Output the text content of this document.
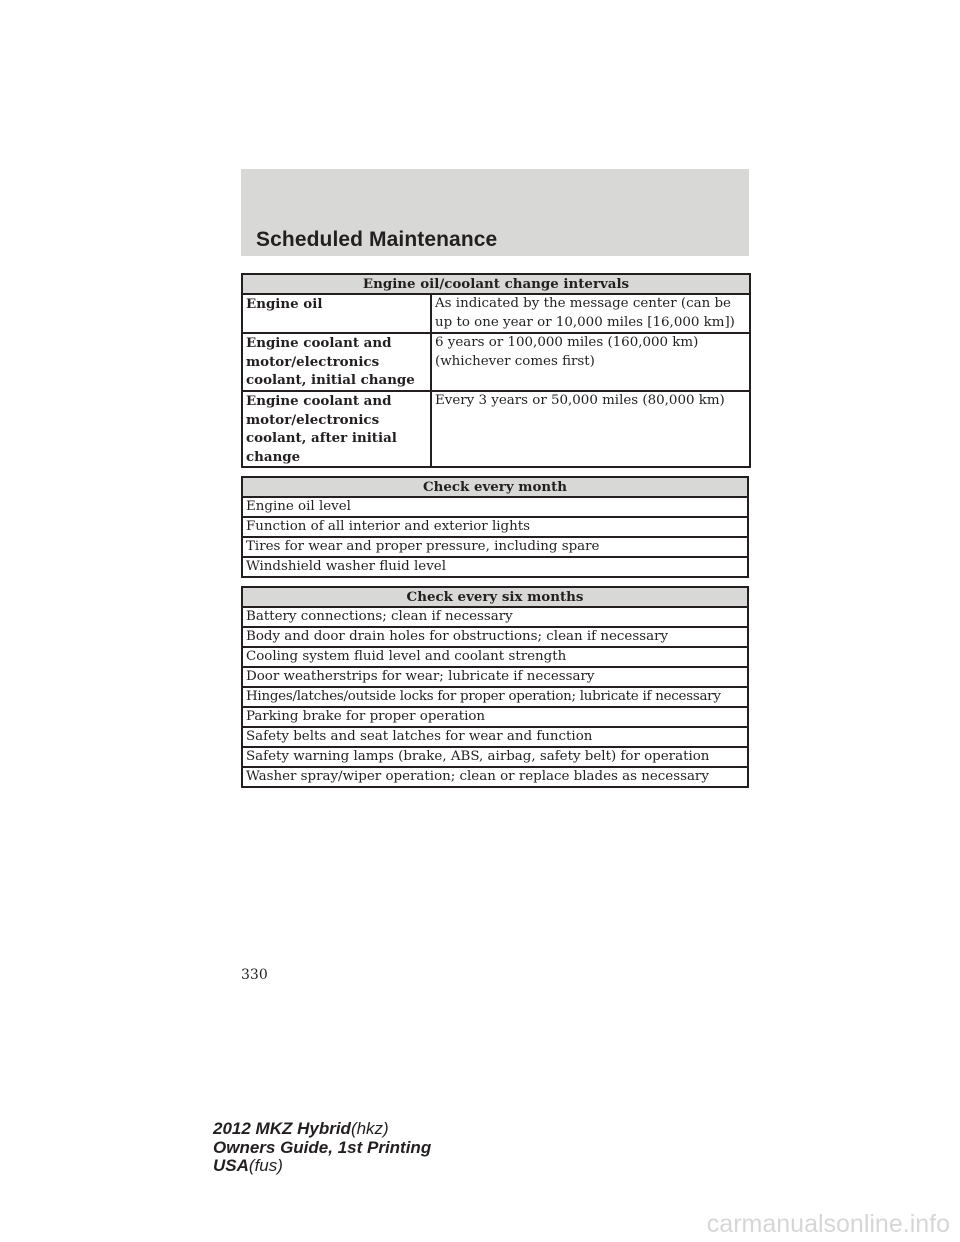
Scheduled Maintenance
Engine oil/coolant change intervals	
Engine oil	As indicated by the message center (can be up to one year or 10,000 miles [16,000 km])
Engine coolant and motor/electronics coolant, initial change	6 years or 100,000 miles (160,000 km) (whichever comes first)
Engine coolant and motor/electronics coolant, after initial change	Every 3 years or 50,000 miles (80,000 km)
Check every month
Engine oil level
Function of all interior and exterior lights
Tires for wear and proper pressure, including spare
Windshield washer fluid level
Check every six months
Battery connections; clean if necessary
Body and door drain holes for obstructions; clean if necessary
Cooling system fluid level and coolant strength
Door weatherstrips for wear; lubricate if necessary
Hinges/latches/outside locks for proper operation; lubricate if necessary
Parking brake for proper operation
Safety belts and seat latches for wear and function
Safety warning lamps (brake, ABS, airbag, safety belt) for operation
Washer spray/wiper operation; clean or replace blades as necessary
330
2012 MKZ Hybrid(hkz)
Owners Guide, 1st Printing
USA(fus)
carmanualsonline.info
